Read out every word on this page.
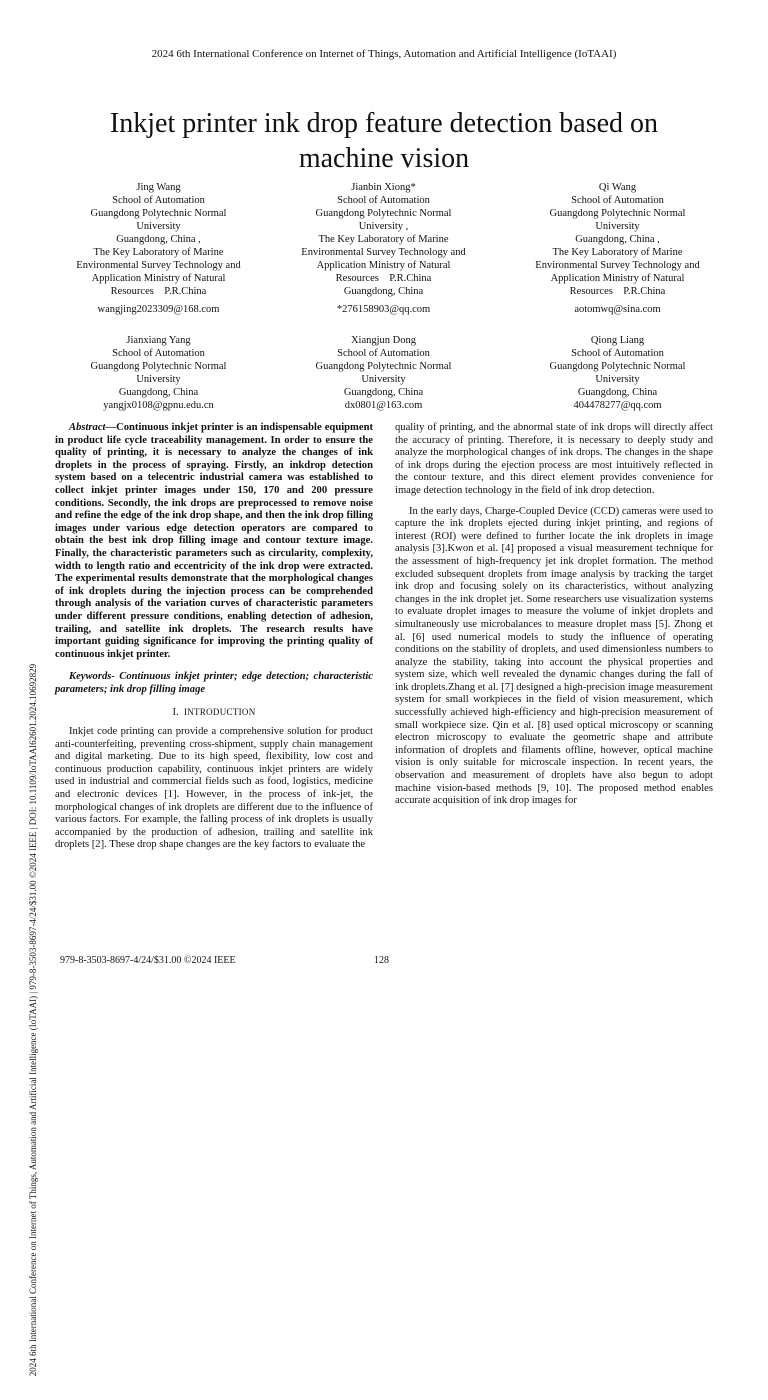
2024 6th International Conference on Internet of Things, Automation and Artificial Intelligence (IoTAAI)
2024 6th International Conference on Internet of Things, Automation and Artificial Intelligence (IoTAAI) | 979-8-3503-8697-4/24/$31.00 ©2024 IEEE | DOI: 10.1109/IoTAAI62601.2024.10692829
Inkjet printer ink drop feature detection based on
machine vision
Jing Wang
School of Automation
Guangdong Polytechnic Normal
University
Guangdong, China ,
The Key Laboratory of Marine
Environmental Survey Technology and
Application Ministry of Natural
Resources P.R.China

wangjing2023309@168.com
Jianbin Xiong*
School of Automation
Guangdong Polytechnic Normal
University ,
The Key Laboratory of Marine
Environmental Survey Technology and
Application Ministry of Natural
Resources P.R.China
Guangdong, China

*276158903@qq.com
Qi Wang
School of Automation
Guangdong Polytechnic Normal
University
Guangdong, China ,
The Key Laboratory of Marine
Environmental Survey Technology and
Application Ministry of Natural
Resources P.R.China

aotomwq@sina.com
Jianxiang Yang
School of Automation
Guangdong Polytechnic Normal
University
Guangdong, China
yangjx0108@gpnu.edu.cn
Xiangjun Dong
School of Automation
Guangdong Polytechnic Normal
University
Guangdong, China
dx0801@163.com
Qiong Liang
School of Automation
Guangdong Polytechnic Normal
University
Guangdong, China
404478277@qq.com

Abstract—Continuous inkjet printer is an indispensable equipment in product life cycle traceability management. In order to ensure the quality of printing, it is necessary to analyze the changes of ink droplets in the process of spraying. Firstly, an inkdrop detection system based on a telecentric industrial camera was established to collect inkjet printer images under 150, 170 and 200 pressure conditions. Secondly, the ink drops are preprocessed to remove noise and refine the edge of the ink drop shape, and then the ink drop filling images under various edge detection operators are compared to obtain the best ink drop filling image and contour texture image. Finally, the characteristic parameters such as circularity, complexity, width to length ratio and eccentricity of the ink drop were extracted. The experimental results demonstrate that the morphological changes of ink droplets during the injection process can be comprehended through analysis of the variation curves of characteristic parameters under different pressure conditions, enabling detection of adhesion, trailing, and satellite ink droplets. The research results have important guiding significance for improving the printing quality of continuous inkjet printer.

Keywords- Continuous inkjet printer; edge detection; characteristic parameters; ink drop filling image

I. INTRODUCTION

Inkjet code printing can provide a comprehensive solution for product anti-counterfeiting, preventing cross-shipment, supply chain management and digital marketing. Due to its high speed, flexibility, low cost and continuous production capability, continuous inkjet printers are widely used in industrial and commercial fields such as food, logistics, medicine and electronic devices [1]. However, in the process of ink-jet, the morphological changes of ink droplets are different due to the influence of various factors. For example, the falling process of ink droplets is usually accompanied by the production of adhesion, trailing and satellite ink droplets [2]. These drop shape changes are the key factors to evaluate the

quality of printing, and the abnormal state of ink drops will directly affect the accuracy of printing. Therefore, it is necessary to deeply study and analyze the morphological changes of ink drops. The changes in the shape of ink drops during the ejection process are most intuitively reflected in the contour texture, and this direct element provides convenience for image detection technology in the field of ink drop detection.

In the early days, Charge-Coupled Device (CCD) cameras were used to capture the ink droplets ejected during inkjet printing, and regions of interest (ROI) were defined to further locate the ink droplets in image analysis [3].Kwon et al. [4] proposed a visual measurement technique for the assessment of high-frequency jet ink droplet formation. The method excluded subsequent droplets from image analysis by tracking the target ink drop and focusing solely on its characteristics, without analyzing changes in the ink droplet jet. Some researchers use visualization systems to evaluate droplet images to measure the volume of inkjet droplets and simultaneously use microbalances to measure droplet mass [5]. Zhong et al. [6] used numerical models to study the influence of operating conditions on the stability of droplets, and used dimensionless numbers to analyze the stability, taking into account the physical properties and system size, which well revealed the dynamic changes during the fall of ink droplets.Zhang et al. [7] designed a high-precision image measurement system for small workpieces in the field of vision measurement, which successfully achieved high-efficiency and high-precision measurement of small workpiece size. Qin et al. [8] used optical microscopy or scanning electron microscopy to evaluate the geometric shape and attribute information of droplets and filaments offline, however, optical machine vision is only suitable for microscale inspection. In recent years, the observation and measurement of droplets have also begun to adopt machine vision-based methods [9, 10]. The proposed method enables accurate acquisition of ink drop images for

979-8-3503-8697-4/24/$31.00 ©2024 IEEE	128
